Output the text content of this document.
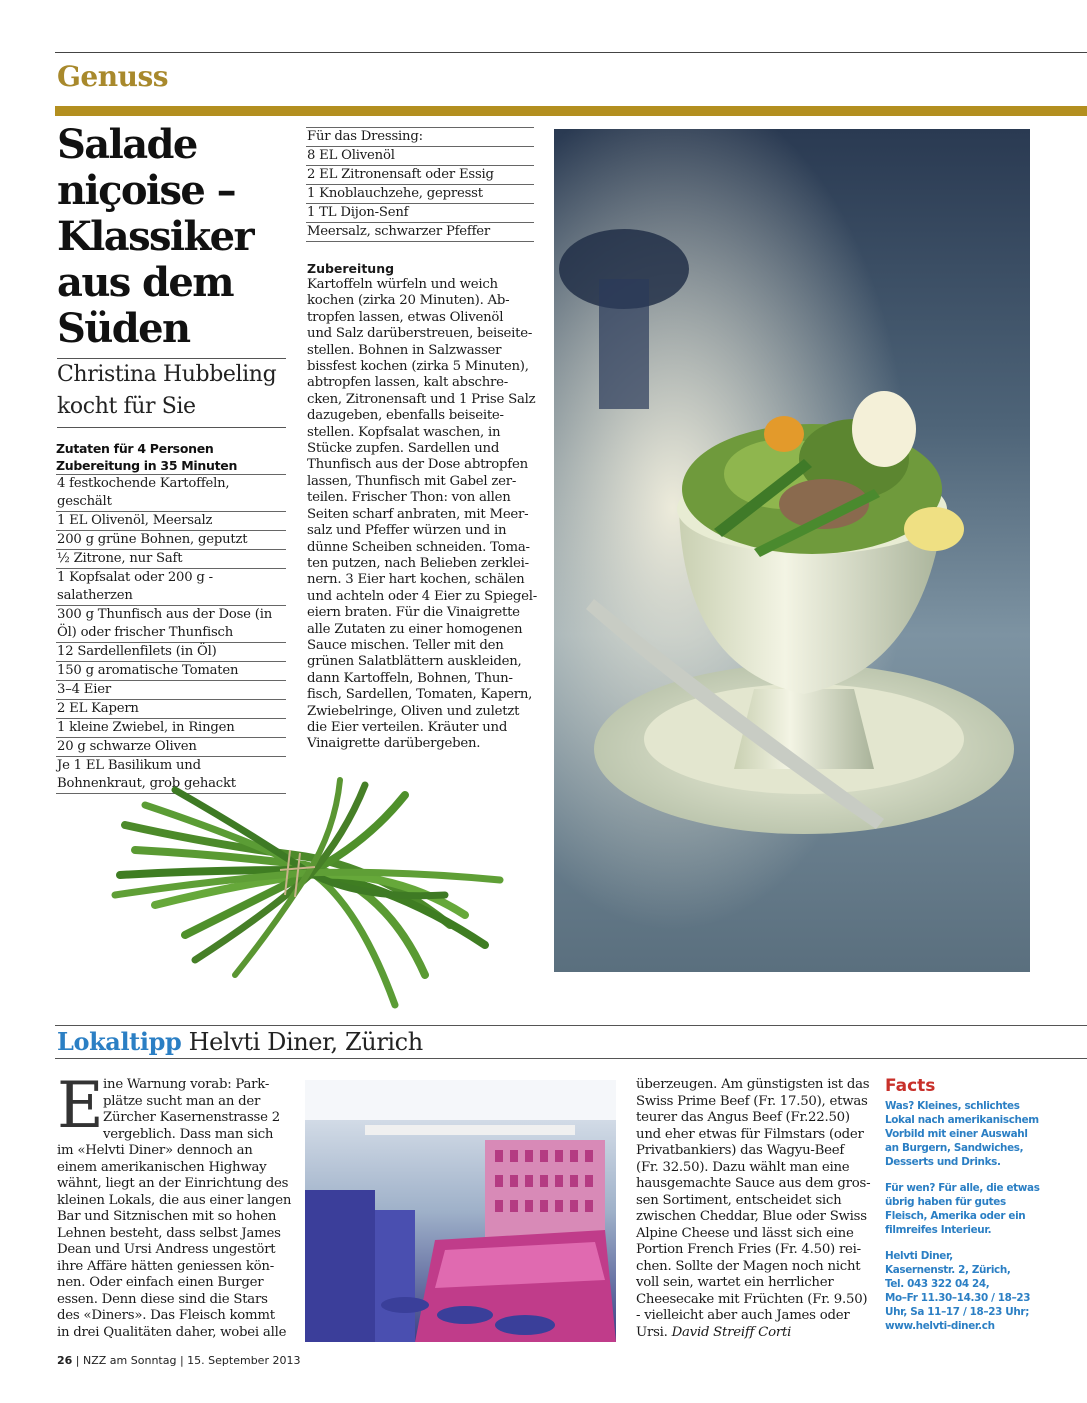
Genuss
Salade
niçoise –
Klassiker
aus dem
Süden
Christina Hubbeling
kocht für Sie
Zutaten für 4 Personen
Zubereitung in 35 Minuten
4 festkochende Kartoffeln, geschält
1 EL Olivenöl, Meersalz
200 g grüne Bohnen, geputzt
½ Zitrone, nur Saft
1 Kopfsalat oder 200 g -salatherzen
300 g Thunfisch aus der Dose (in Öl) oder frischer Thunfisch
12 Sardellenfilets (in Öl)
150 g aromatische Tomaten
3–4 Eier
2 EL Kapern
1 kleine Zwiebel, in Ringen
20 g schwarze Oliven
Je 1 EL Basilikum und Bohnenkraut, grob gehackt
Für das Dressing:
8 EL Olivenöl
2 EL Zitronensaft oder Essig
1 Knoblauchzehe, gepresst
1 TL Dijon-Senf
Meersalz, schwarzer Pfeffer
Zubereitung
Kartoffeln würfeln und weich
kochen (zirka 20 Minuten). Ab-
tropfen lassen, etwas Olivenöl
und Salz darüberstreuen, beiseite-
stellen. Bohnen in Salzwasser
bissfest kochen (zirka 5 Minuten),
abtropfen lassen, kalt abschre-
cken, Zitronensaft und 1 Prise Salz
dazugeben, ebenfalls beiseite-
stellen. Kopfsalat waschen, in
Stücke zupfen. Sardellen und
Thunfisch aus der Dose abtropfen
lassen, Thunfisch mit Gabel zer-
teilen. Frischer Thon: von allen
Seiten scharf anbraten, mit Meer-
salz und Pfeffer würzen und in
dünne Scheiben schneiden. Toma-
ten putzen, nach Belieben zerklei-
nern. 3 Eier hart kochen, schälen
und achteln oder 4 Eier zu Spiegel-
eiern braten. Für die Vinaigrette
alle Zutaten zu einer homogenen
Sauce mischen. Teller mit den
grünen Salatblättern auskleiden,
dann Kartoffeln, Bohnen, Thun-
fisch, Sardellen, Tomaten, Kapern,
Zwiebelringe, Oliven und zuletzt
die Eier verteilen. Kräuter und
Vinaigrette darübergeben.
Lokaltipp Helvti Diner, Zürich
E ine Warnung vorab: Park-
plätze sucht man an der
Zürcher Kasernenstrasse 2
vergeblich. Dass man sich
im «Helvti Diner» dennoch an
einem amerikanischen Highway
wähnt, liegt an der Einrichtung des
kleinen Lokals, die aus einer langen
Bar und Sitznischen mit so hohen
Lehnen besteht, dass selbst James
Dean und Ursi Andress ungestört
ihre Affäre hätten geniessen kön-
nen. Oder einfach einen Burger
essen. Denn diese sind die Stars
des «Diners». Das Fleisch kommt
in drei Qualitäten daher, wobei alle
überzeugen. Am günstigsten ist das
Swiss Prime Beef (Fr. 17.50), etwas
teurer das Angus Beef (Fr.22.50)
und eher etwas für Filmstars (oder
Privatbankiers) das Wagyu-Beef
(Fr. 32.50). Dazu wählt man eine
hausgemachte Sauce aus dem gros-
sen Sortiment, entscheidet sich
zwischen Cheddar, Blue oder Swiss
Alpine Cheese und lässt sich eine
Portion French Fries (Fr. 4.50) rei-
chen. Sollte der Magen noch nicht
voll sein, wartet ein herrlicher
Cheesecake mit Früchten (Fr. 9.50)
- vielleicht aber auch James oder
Ursi. David Streiff Corti
Facts
Was? Kleines, schlichtes
Lokal nach amerikanischem
Vorbild mit einer Auswahl
an Burgern, Sandwiches,
Desserts und Drinks.
Für wen? Für alle, die etwas
übrig haben für gutes
Fleisch, Amerika oder ein
filmreifes Interieur.
Helvti Diner,
Kasernenstr. 2, Zürich,
Tel. 043 322 04 24,
Mo–Fr 11.30–14.30 / 18–23
Uhr, Sa 11–17 / 18–23 Uhr;
www.helvti-diner.ch
26 | NZZ am Sonntag | 15. September 2013
